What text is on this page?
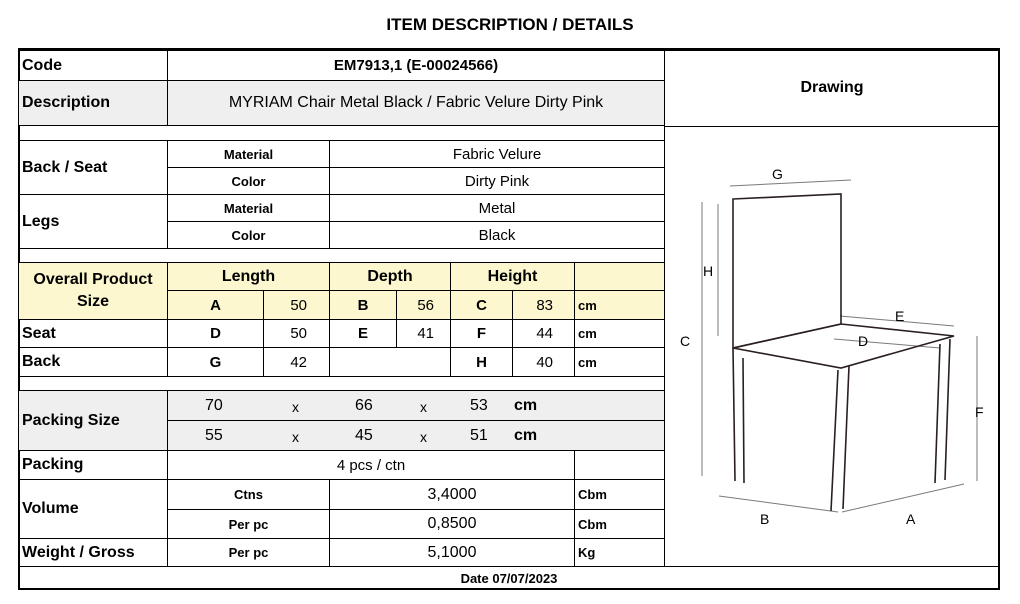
ITEM DESCRIPTION / DETAILS
Code	EM7913,1 (E-00024566)
Description	MYRIAM Chair Metal Black / Fabric Velure Dirty Pink
Drawing
Back / Seat
Material	Fabric Velure
Color	Dirty Pink
Legs
Material	Metal
Color	Black
Overall Product Size
Length	Depth	Height
A	50	B	56	C	83	cm
Seat	D	50	E	41	F	44	cm
Back	G	42	H	40	cm
Packing Size
70	x	66	x	53 cm
55	x	45	x	51 cm
Packing	4 pcs / ctn
Volume
Ctns	3,4000	Cbm
Per pc	0,8500	Cbm
Weight / Gross	Per pc	5,1000	Kg
Date 07/07/2023
G
H
C
E
D
F
B	A
